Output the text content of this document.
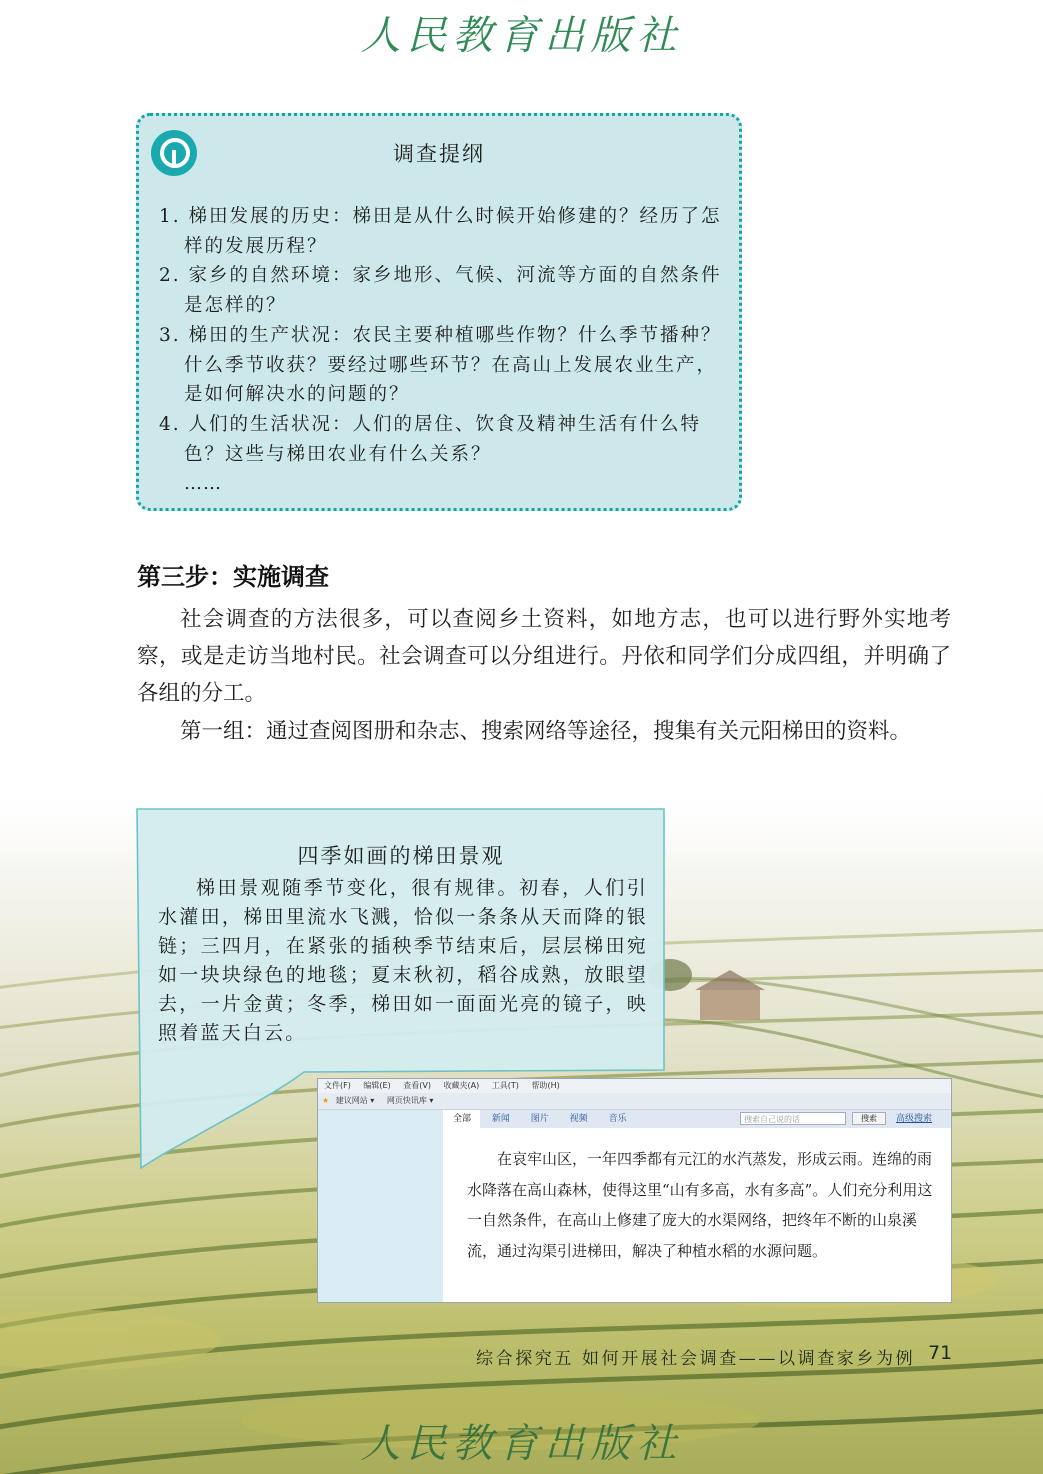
人民教育出版社
调查提纲
1. 梯田发展的历史：梯田是从什么时候开始修建的？经历了怎样的发展历程？
2. 家乡的自然环境：家乡地形、气候、河流等方面的自然条件是怎样的？
3. 梯田的生产状况：农民主要种植哪些作物？什么季节播种？什么季节收获？要经过哪些环节？在高山上发展农业生产，是如何解决水的问题的？
4. 人们的生活状况：人们的居住、饮食及精神生活有什么特色？这些与梯田农业有什么关系？
……
第三步：实施调查

社会调查的方法很多，可以查阅乡土资料，如地方志，也可以进行野外实地考察，或是走访当地村民。社会调查可以分组进行。丹依和同学们分成四组，并明确了各组的分工。

第一组：通过查阅图册和杂志、搜索网络等途径，搜集有关元阳梯田的资料。

四季如画的梯田景观

梯田景观随季节变化，很有规律。初春，人们引水灌田，梯田里流水飞溅，恰似一条条从天而降的银链；三四月，在紧张的插秧季节结束后，层层梯田宛如一块块绿色的地毯；夏末秋初，稻谷成熟，放眼望去，一片金黄；冬季，梯田如一面面光亮的镜子，映照着蓝天白云。

文件(F) 编辑(E) 查看(V) 收藏夹(A) 工具(T) 帮助(H)
★ 建议网站 ▾ 网页快讯库 ▾
全部 新闻 图片 视频 音乐	搜索自己说的话	搜索	高级搜索

在哀牢山区，一年四季都有元江的水汽蒸发，形成云雨。连绵的雨水降落在高山森林，使得这里“山有多高，水有多高”。人们充分利用这一自然条件，在高山上修建了庞大的水渠网络，把终年不断的山泉溪流，通过沟渠引进梯田，解决了种植水稻的水源问题。

综合探究五 如何开展社会调查——以调查家乡为例 71
人民教育出版社
